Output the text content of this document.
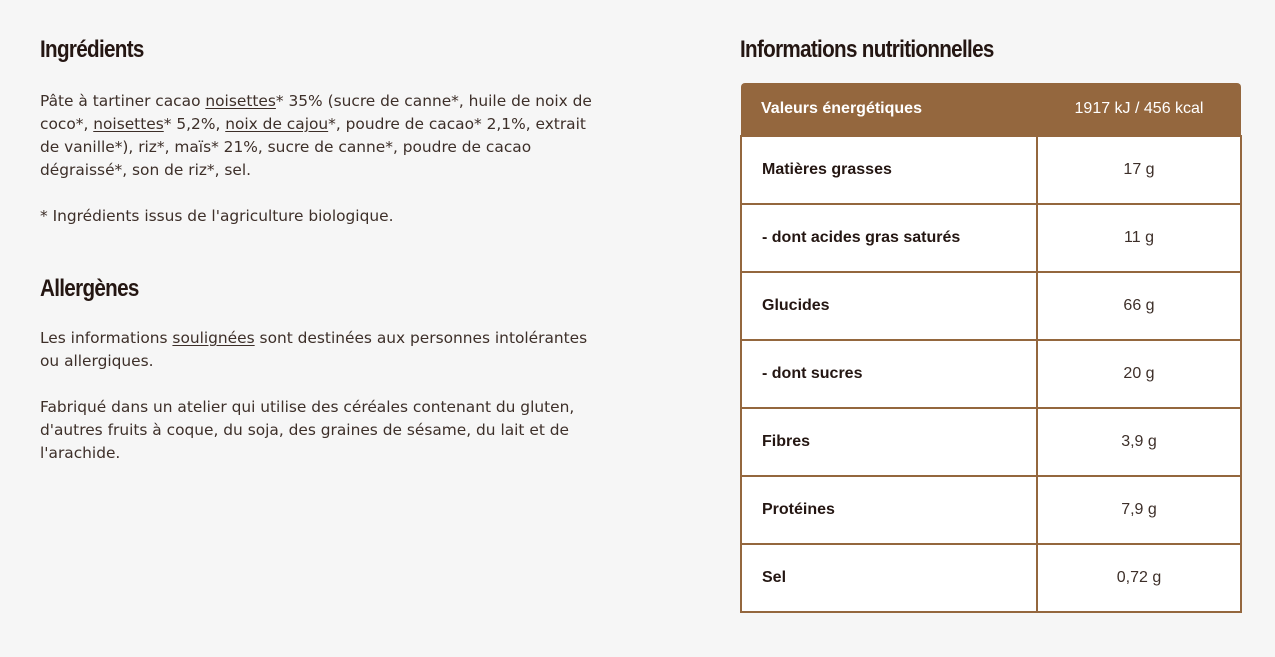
Ingrédients

Pâte à tartiner cacao noisettes* 35% (sucre de canne*, huile de noix de coco*, noisettes* 5,2%, noix de cajou*, poudre de cacao* 2,1%, extrait de vanille*), riz*, maïs* 21%, sucre de canne*, poudre de cacao dégraissé*, son de riz*, sel.

* Ingrédients issus de l'agriculture biologique.

Allergènes

Les informations soulignées sont destinées aux personnes intolérantes ou allergiques.

Fabriqué dans un atelier qui utilise des céréales contenant du gluten, d'autres fruits à coque, du soja, des graines de sésame, du lait et de l'arachide.

Informations nutritionnelles
Valeurs énergétiques	1917 kJ / 456 kcal
Matières grasses	17 g
- dont acides gras saturés	11 g
Glucides	66 g
- dont sucres	20 g
Fibres	3,9 g
Protéines	7,9 g
Sel	0,72 g
